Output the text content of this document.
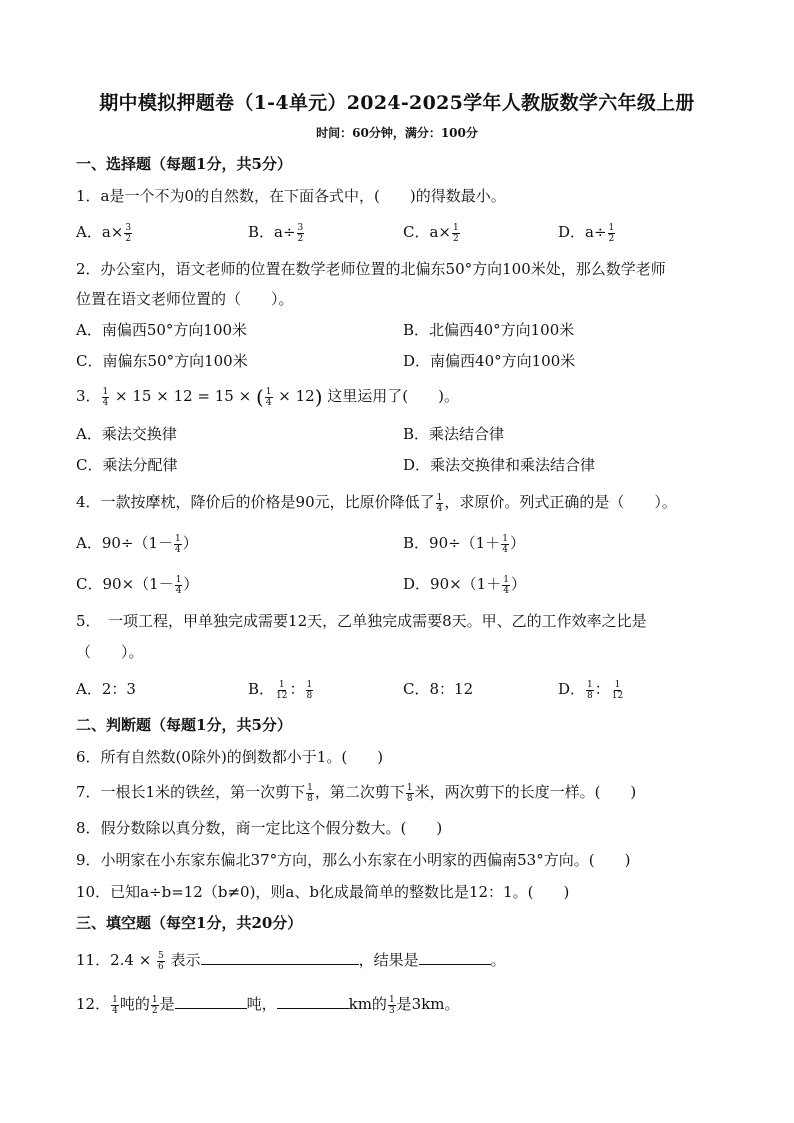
期中模拟押题卷（1-4单元）2024-2025学年人教版数学六年级上册
时间：60分钟，满分：100分
一、选择题（每题1分，共5分）
1．a是一个不为0的自然数，在下面各式中，(　　)的得数最小。
A．$a\times \frac{3}{2}$	B．$a\div \frac{3}{2}$	C．$a\times \frac{1}{2}$	D．$a\div \frac{1}{2}$
2．办公室内，语文老师的位置在数学老师位置的北偏东50°方向100米处，那么数学老师
位置在语文老师位置的（　　）。
A．南偏西50°方向100米	B．北偏西40°方向100米
C．南偏东50°方向100米	D．南偏西40°方向100米
3． $\frac{1}{4} \times 15 \times 12 = 15$ × ( $\frac{1}{4} \times 12$) 这里运用了(　　)。
A．乘法交换律	B．乘法结合律
C．乘法分配律	D．乘法交换律和乘法结合律
4．一款按摩枕，降价后的价格是90元，比原价降低了 $\frac{1}{4}$ ，求原价。列式正确的是（　　）。
A．$90\div(1- \frac{1}{4}$ ）	B．$90\div(1+ \frac{1}{4}$ ）
C．$90\times(1- \frac{1}{4}$ ）	D．$90\times(1+ \frac{1}{4}$ ）
5．　一项工程，甲单独完成需要12天，乙单独完成需要8天。甲、乙的工作效率之比是
（　　）。
A．2：3	B． $\frac{1}{12}$ ： $\frac{1}{8}$	C．8：12	D． $\frac{1}{8}$ ： $\frac{1}{12}$
二、判断题（每题1分，共5分）
6．所有自然数(0除外)的倒数都小于1。(　　)
7．一根长1米的铁丝，第一次剪下 $\frac{1}{8}$ ，第二次剪下 $\frac{1}{8}$ 米，两次剪下的长度一样。(　　)
8．假分数除以真分数，商一定比这个假分数大。(　　)
9．小明家在小东家东偏北37°方向，那么小东家在小明家的西偏南53°方向。(　　)
10．已知a÷b=12（b≠0)，则a、b化成最简单的整数比是12：1。(　　)
三、填空题（每空1分，共20分）
11．$2.4 \times \frac{5}{6}$ 表示	，结果是	。
12． $\frac{1}{4}$ 吨的 $\frac{1}{2}$ 是	吨，	km的 $\frac{1}{3}$ 是3km。
